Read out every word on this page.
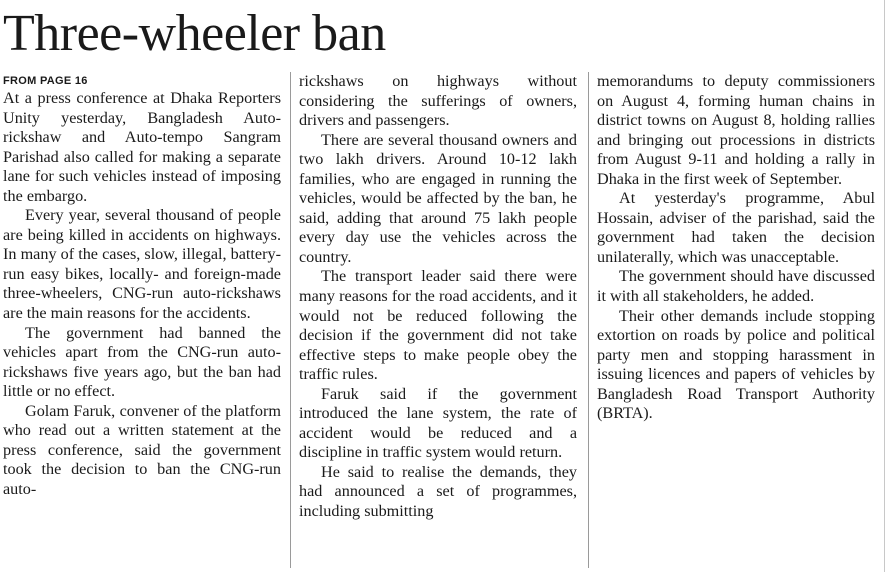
Three-wheeler ban
FROM PAGE 16

At a press conference at Dhaka Reporters Unity yesterday, Bangladesh Auto-rickshaw and Auto-tempo Sangram Parishad also called for making a separate lane for such vehicles instead of imposing the embargo.

Every year, several thousand of people are being killed in accidents on highways. In many of the cases, slow, illegal, battery-run easy bikes, locally- and foreign-made three-wheelers, CNG-run auto-rickshaws are the main reasons for the accidents.

The government had banned the vehicles apart from the CNG-run auto-rickshaws five years ago, but the ban had little or no effect.

Golam Faruk, convener of the platform who read out a written statement at the press conference, said the government took the decision to ban the CNG-run auto-

rickshaws on highways without considering the sufferings of owners, drivers and passengers.

There are several thousand owners and two lakh drivers. Around 10-12 lakh families, who are engaged in running the vehicles, would be affected by the ban, he said, adding that around 75 lakh people every day use the vehicles across the country.

The transport leader said there were many reasons for the road accidents, and it would not be reduced following the decision if the government did not take effective steps to make people obey the traffic rules.

Faruk said if the government introduced the lane system, the rate of accident would be reduced and a discipline in traffic system would return.

He said to realise the demands, they had announced a set of programmes, including submitting

memorandums to deputy commissioners on August 4, forming human chains in district towns on August 8, holding rallies and bringing out processions in districts from August 9-11 and holding a rally in Dhaka in the first week of September.

At yesterday's programme, Abul Hossain, adviser of the parishad, said the government had taken the decision unilaterally, which was unacceptable.

The government should have discussed it with all stakeholders, he added.

Their other demands include stopping extortion on roads by police and political party men and stopping harassment in issuing licences and papers of vehicles by Bangladesh Road Transport Authority (BRTA).
